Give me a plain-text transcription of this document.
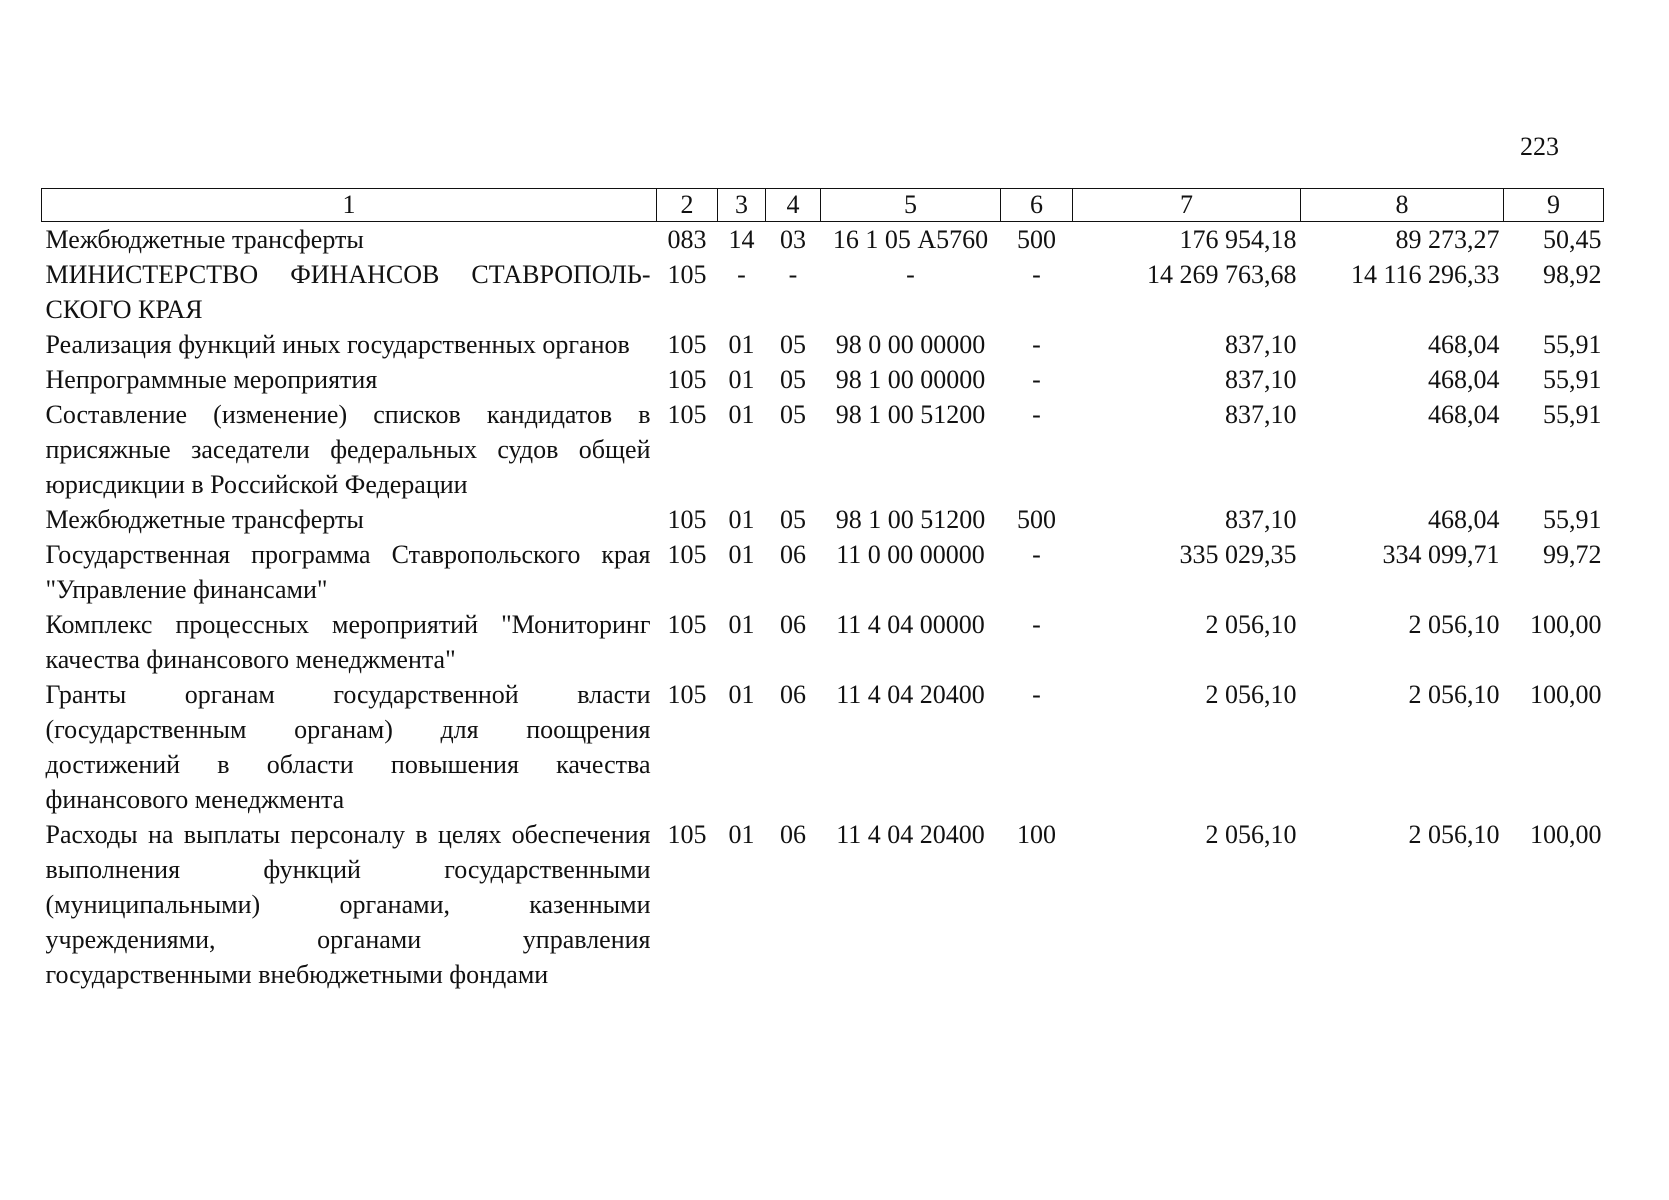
223
1	2	3	4	5	6	7	8	9
Межбюджетные трансферты	083	14	03	16 1 05 А5760	500	176 954,18	89 273,27	50,45
МИНИСТЕРСТВО ФИНАНСОВ СТАВРОПОЛЬ-СКОГО КРАЯ	105	-	-	-	-	14 269 763,68	14 116 296,33	98,92
Реализация функций иных государственных органов	105	01	05	98 0 00 00000	-	837,10	468,04	55,91
Непрограммные мероприятия	105	01	05	98 1 00 00000	-	837,10	468,04	55,91
Составление (изменение) списков кандидатов в присяжные заседатели федеральных судов общей юрисдикции в Российской Федерации	105	01	05	98 1 00 51200	-	837,10	468,04	55,91
Межбюджетные трансферты	105	01	05	98 1 00 51200	500	837,10	468,04	55,91
Государственная программа Ставропольского края "Управление финансами"	105	01	06	11 0 00 00000	-	335 029,35	334 099,71	99,72
Комплекс процессных мероприятий "Мониторинг качества финансового менеджмента"	105	01	06	11 4 04 00000	-	2 056,10	2 056,10	100,00
Гранты органам государственной власти (государственным органам) для поощрения достижений в области повышения качества финансового менеджмента	105	01	06	11 4 04 20400	-	2 056,10	2 056,10	100,00
Расходы на выплаты персоналу в целях обеспечения выполнения функций государственными (муниципальными) органами, казенными учреждениями, органами управления государственными внебюджетными фондами	105	01	06	11 4 04 20400	100	2 056,10	2 056,10	100,00
